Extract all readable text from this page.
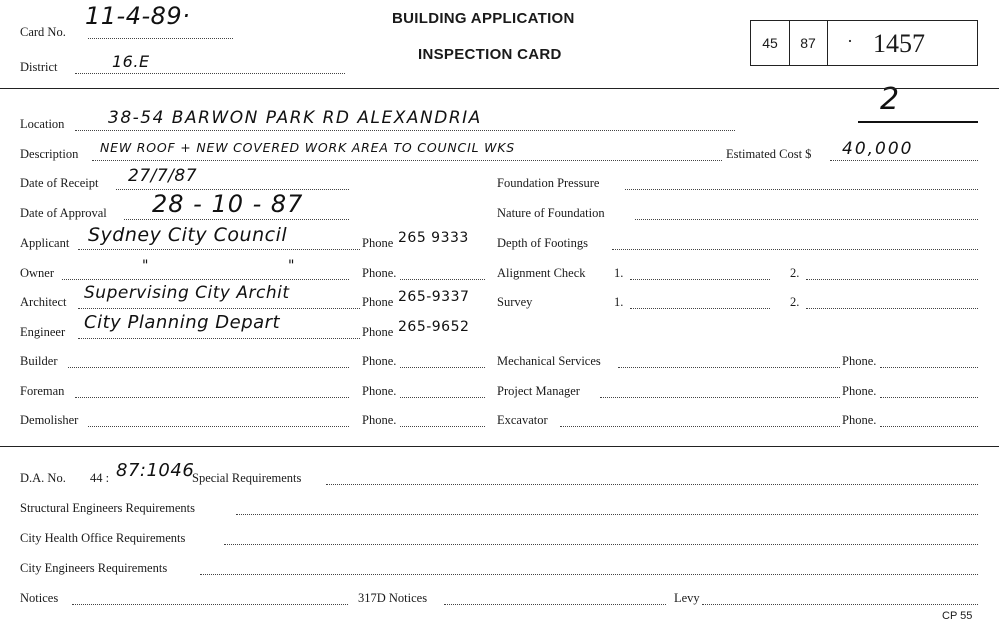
Card No.
11-4-89·
District	16.E
BUILDING APPLICATION
INSPECTION CARD
45	87	· 1457
2
Location	38-54 BARWON PARK RD ALEXANDRIA
Description NEW ROOF + NEW COVERED WORK AREA TO COUNCIL WKS	Estimated Cost $ 40,000
Date of Receipt 27/7/87	Foundation Pressure
Date of Approval 28 - 10 - 87	Nature of Foundation
Applicant Sydney City Council	Phone 265 9333 Depth of Footings
Owner	"	"	Phone.	Alignment Check 1.	2.
Architect Supervising City Archit	Phone 265-9337 Survey	1.	2.
Engineer City Planning Depart	Phone 265-9652
Builder	Phone.	Mechanical Services	Phone.
Foreman	Phone.	Project Manager	Phone.
Demolisher	Phone.	Excavator	Phone.
D.A. No. 44 : 87:1046
Special Requirements
Structural Engineers Requirements
City Health Office Requirements
City Engineers Requirements
Notices	317D Notices	Levy
CP 55
